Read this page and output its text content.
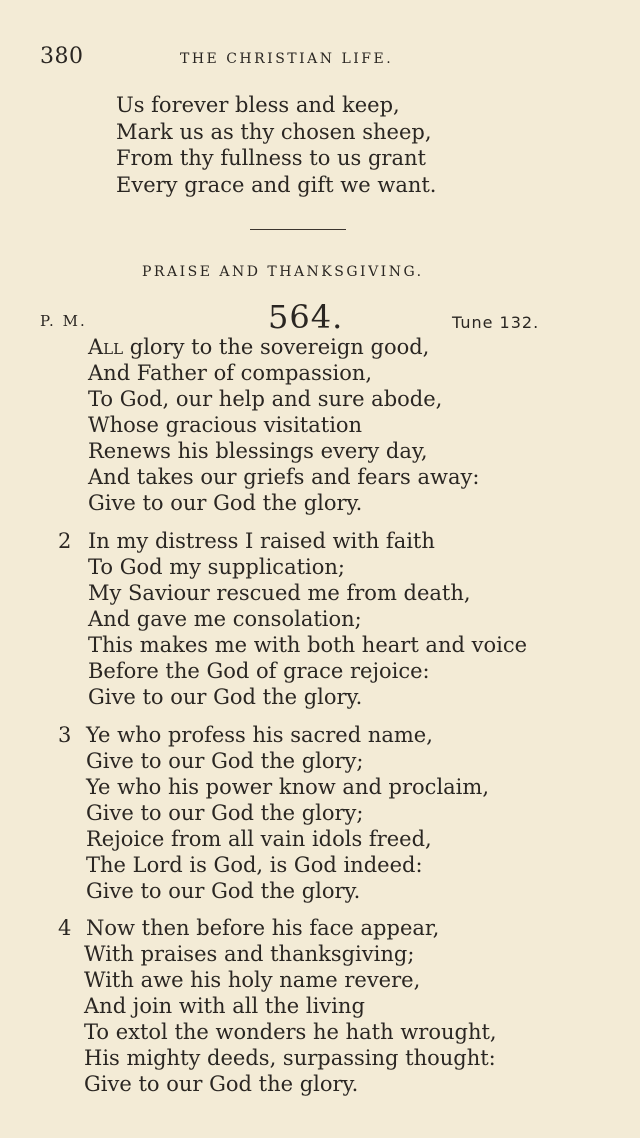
380	THE CHRISTIAN LIFE.
Us forever bless and keep,
Mark us as thy chosen sheep,
From thy fullness to us grant
Every grace and gift we want.
PRAISE AND THANKSGIVING.
P. M.	564.	Tune 132.
All glory to the sovereign good,
And Father of compassion,
To God, our help and sure abode,
Whose gracious visitation
Renews his blessings every day,
And takes our griefs and fears away:
Give to our God the glory.
2 In my distress I raised with faith
To God my supplication;
My Saviour rescued me from death,
And gave me consolation;
This makes me with both heart and voice
Before the God of grace rejoice:
Give to our God the glory.
3 Ye who profess his sacred name,
Give to our God the glory;
Ye who his power know and proclaim,
Give to our God the glory;
Rejoice from all vain idols freed,
The Lord is God, is God indeed:
Give to our God the glory.
4 Now then before his face appear,
With praises and thanksgiving;
With awe his holy name revere,
And join with all the living
To extol the wonders he hath wrought,
His mighty deeds, surpassing thought:
Give to our God the glory.
